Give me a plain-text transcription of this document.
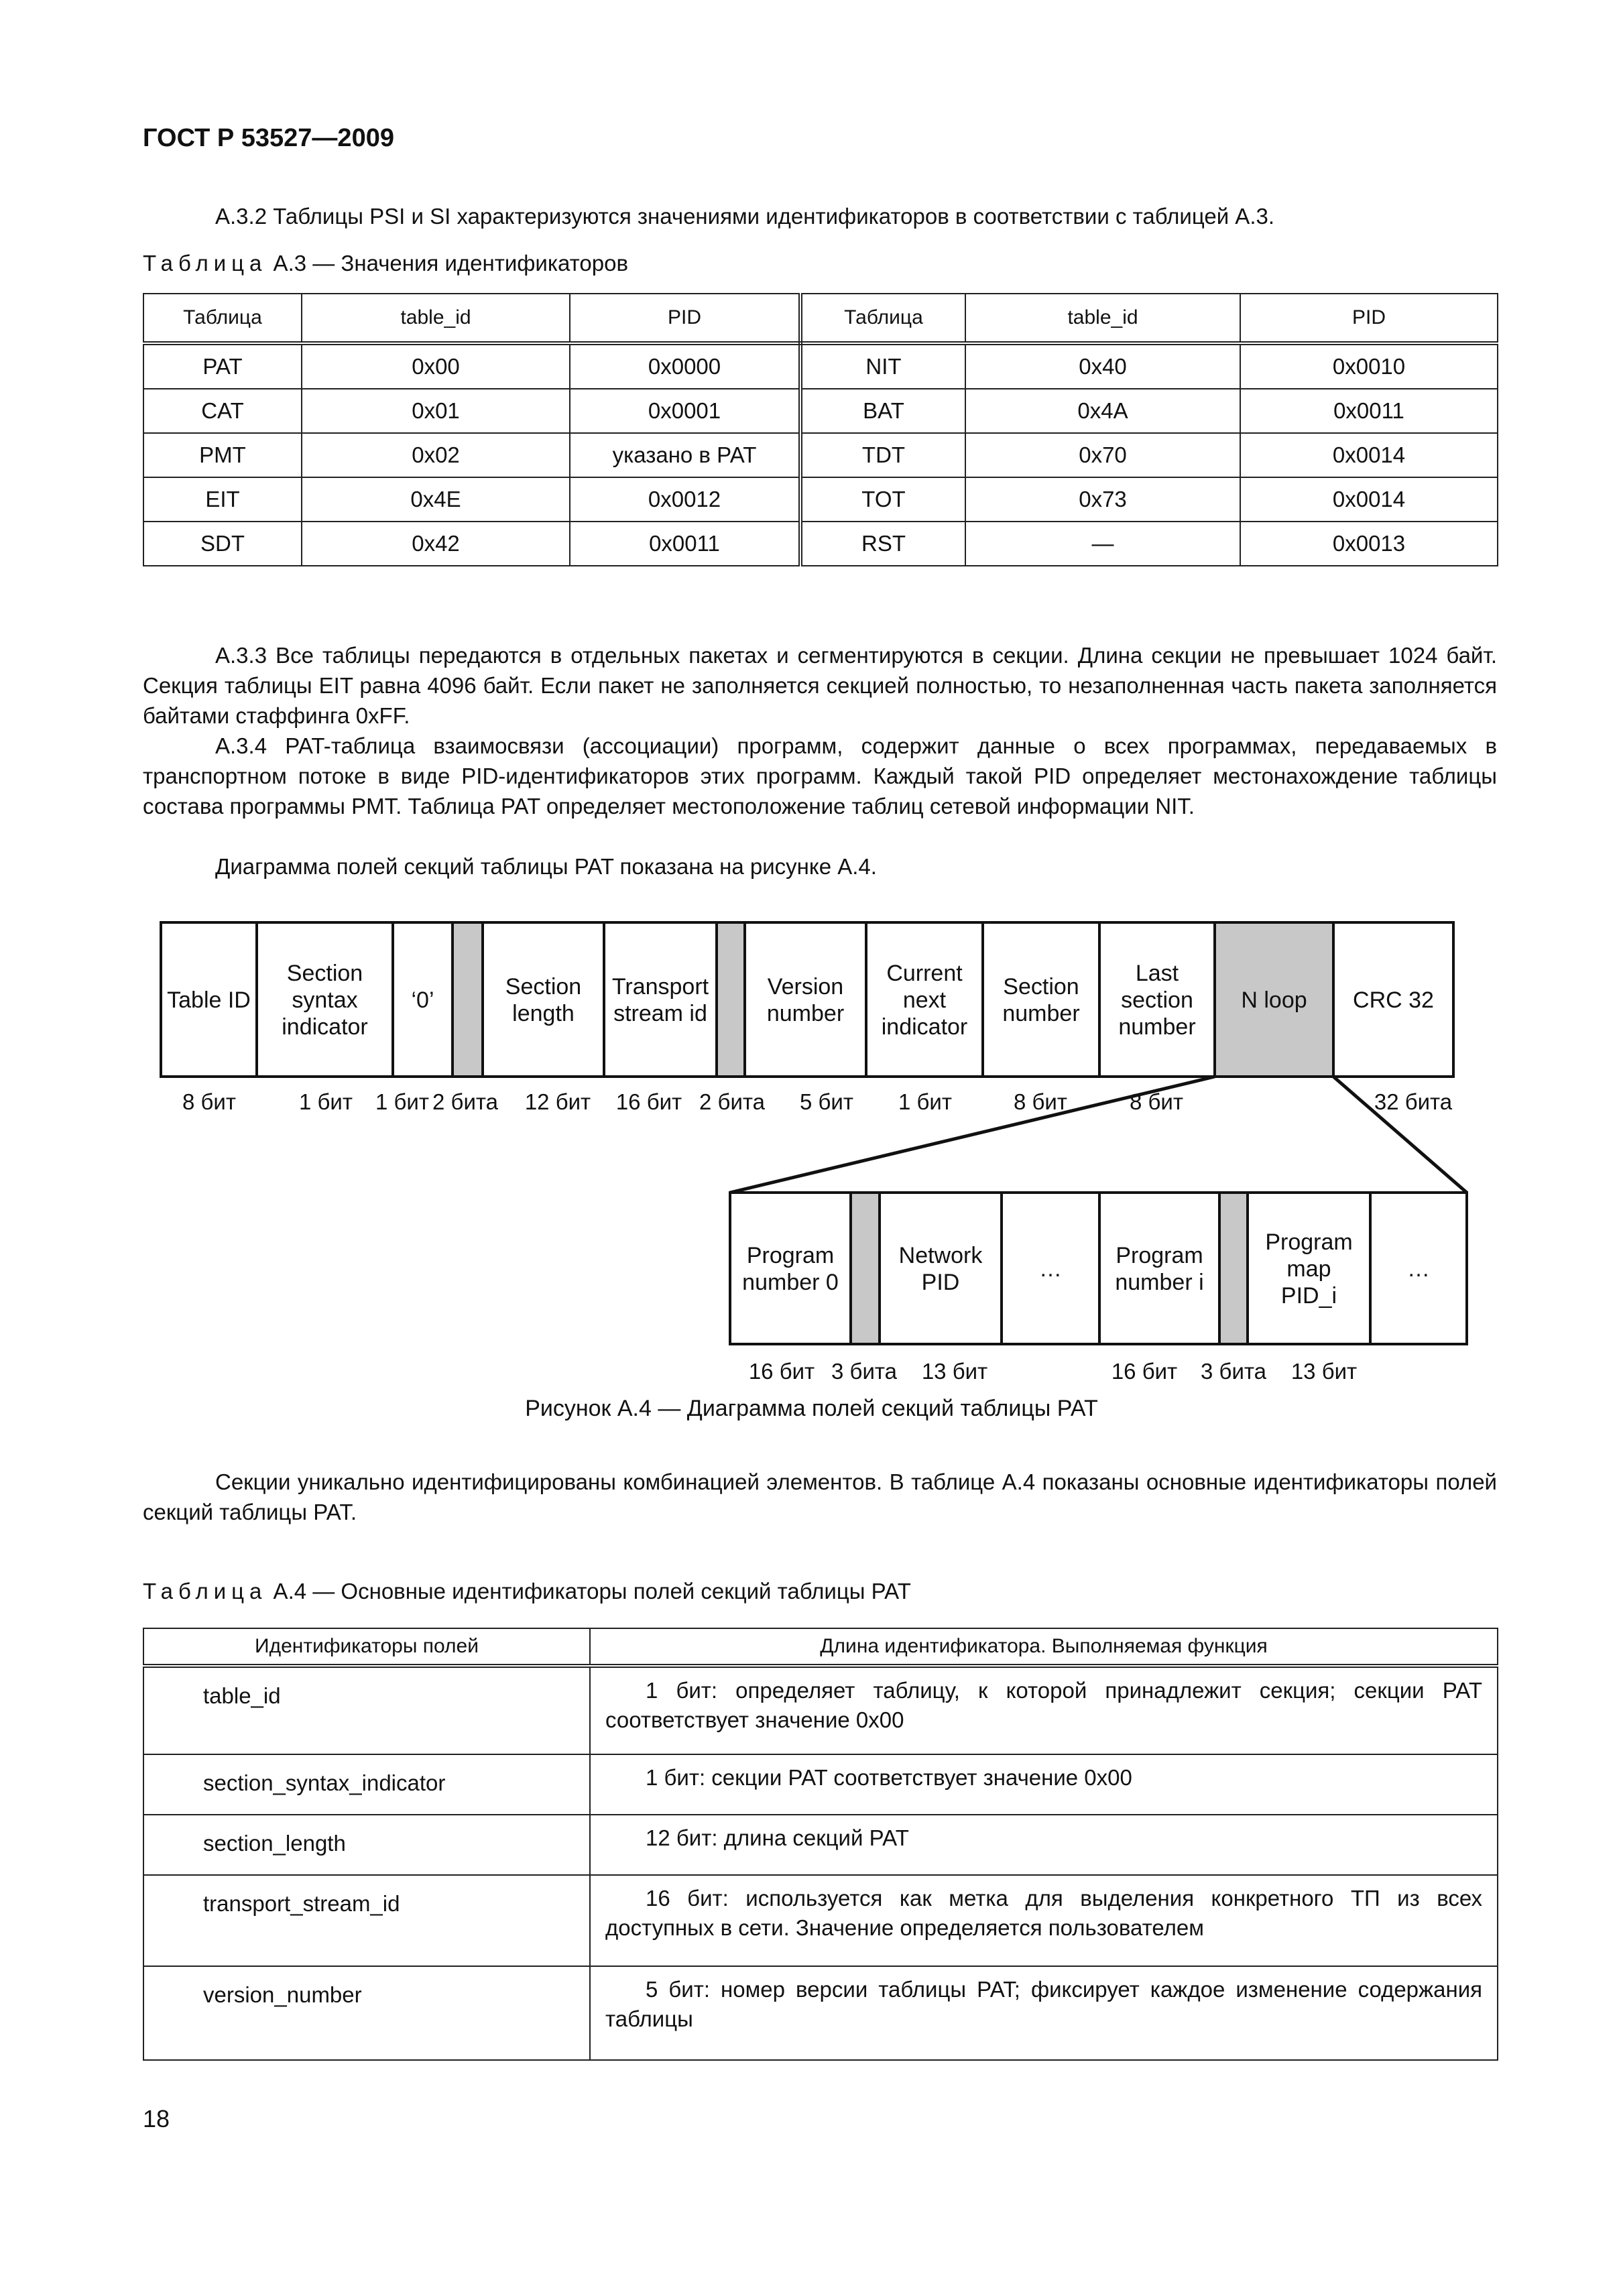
ГОСТ Р 53527—2009
А.3.2 Таблицы PSI и SI характеризуются значениями идентификаторов в соответствии с таблицей А.3.
Таблица А.3 — Значения идентификаторов
Таблица	table_id	PID	Таблица	table_id	PID
PAT	0x00	0x0000	NIT	0x40	0x0010
CAT	0x01	0x0001	BAT	0x4A	0x0011
PMT	0x02	указано в PAT	TDT	0x70	0x0014
EIT	0x4E	0x0012	TOT	0x73	0x0014
SDT	0x42	0x0011	RST	—	0x0013
А.3.3 Все таблицы передаются в отдельных пакетах и сегментируются в секции. Длина секции не превышает 1024 байт. Секция таблицы EIT равна 4096 байт. Если пакет не заполняется секцией полностью, то незаполненная часть пакета заполняется байтами стаффинга 0xFF.
А.3.4 PAT-таблица взаимосвязи (ассоциации) программ, содержит данные о всех программах, передаваемых в транспортном потоке в виде PID-идентификаторов этих программ. Каждый такой PID определяет местонахождение таблицы состава программы PMT. Таблица PAT определяет местоположение таблиц сетевой информации NIT.
Диаграмма полей секций таблицы PAT показана на рисунке А.4.
Table ID
Section syntax indicator
‘0’
Section length
Transport stream id
Version number
Current next indicator
Section number
Last section number
N loop CRC 32
Program number 0
Network PID
…
Program number i
Program map PID_i
…
8 бит	1 бит 1 бит 2 бита 12 бит 16 бит 2 бита 5 бит 1 бит	8 бит	8 бит	32 бита
16 бит 3 бита 13 бит	16 бит 3 бита 13 бит
Рисунок А.4 — Диаграмма полей секций таблицы PAT
Секции уникально идентифицированы комбинацией элементов. В таблице А.4 показаны основные идентификаторы полей секций таблицы PAT.
Таблица А.4 — Основные идентификаторы полей секций таблицы PAT
Идентификаторы полей	Длина идентификатора. Выполняемая функция
table_id	1 бит: определяет таблицу, к которой принадлежит секция; секции PAT соответствует значение 0x00
section_syntax_indicator	1 бит: секции PAT соответствует значение 0x00
section_length	12 бит: длина секций PAT
transport_stream_id	16 бит: используется как метка для выделения конкретного ТП из всех доступных в сети. Значение определяется пользователем
version_number	5 бит: номер версии таблицы PAT; фиксирует каждое изменение содержания таблицы
18
